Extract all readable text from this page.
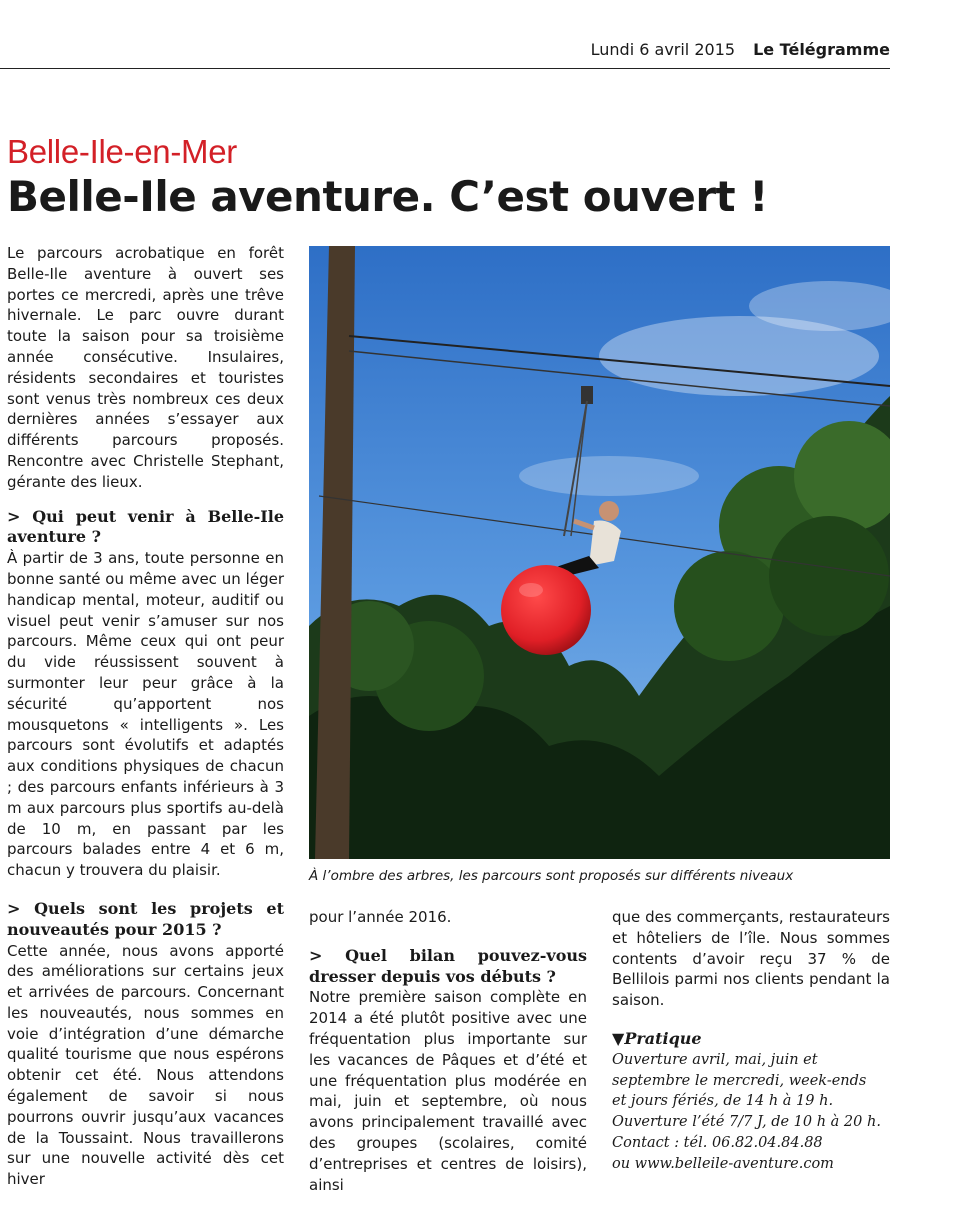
Lundi 6 avril 2015 Le Télégramme
Belle-Ile-en-Mer
Belle-Ile aventure. C’est ouvert !

Le parcours acrobatique en forêt Belle-Ile aventure à ouvert ses portes ce mercredi, après une trêve hivernale. Le parc ouvre durant toute la saison pour sa troisième année consécutive. Insulaires, résidents secondaires et touristes sont venus très nombreux ces deux dernières années s’essayer aux différents parcours proposés. Rencontre avec Christelle Stephant, gérante des lieux.

> Qui peut venir à Belle-Ile aventure ?

À partir de 3 ans, toute personne en bonne santé ou même avec un léger handicap mental, moteur, auditif ou visuel peut venir s’amuser sur nos parcours. Même ceux qui ont peur du vide réussissent souvent à surmonter leur peur grâce à la sécurité qu’apportent nos mousquetons « intelligents ». Les parcours sont évolutifs et adaptés aux conditions physiques de chacun ; des parcours enfants inférieurs à 3 m aux parcours plus sportifs au-delà de 10 m, en passant par les parcours balades entre 4 et 6 m, chacun y trouvera du plaisir.

> Quels sont les projets et nouveautés pour 2015 ?

Cette année, nous avons apporté des améliorations sur certains jeux et arrivées de parcours. Concernant les nouveautés, nous sommes en voie d’intégration d’une démarche qualité tourisme que nous espérons obtenir cet été. Nous attendons également de savoir si nous pourrons ouvrir jusqu’aux vacances de la Toussaint. Nous travaillerons sur une nouvelle activité dès cet hiver

À l’ombre des arbres, les parcours sont proposés sur différents niveaux

pour l’année 2016.

> Quel bilan pouvez-vous dresser depuis vos débuts ?

Notre première saison complète en 2014 a été plutôt positive avec une fréquentation plus importante sur les vacances de Pâques et d’été et une fréquentation plus modérée en mai, juin et septembre, où nous avons principalement travaillé avec des groupes (scolaires, comité d’entreprises et centres de loisirs), ainsi

que des commerçants, restaurateurs et hôteliers de l’île. Nous sommes contents d’avoir reçu 37 % de Bellilois parmi nos clients pendant la saison.

▼Pratique

Ouverture avril, mai, juin et

septembre le mercredi, week-ends

et jours fériés, de 14 h à 19 h.

Ouverture l’été 7/7 J, de 10 h à 20 h.

Contact : tél. 06.82.04.84.88

ou www.belleile-aventure.com
